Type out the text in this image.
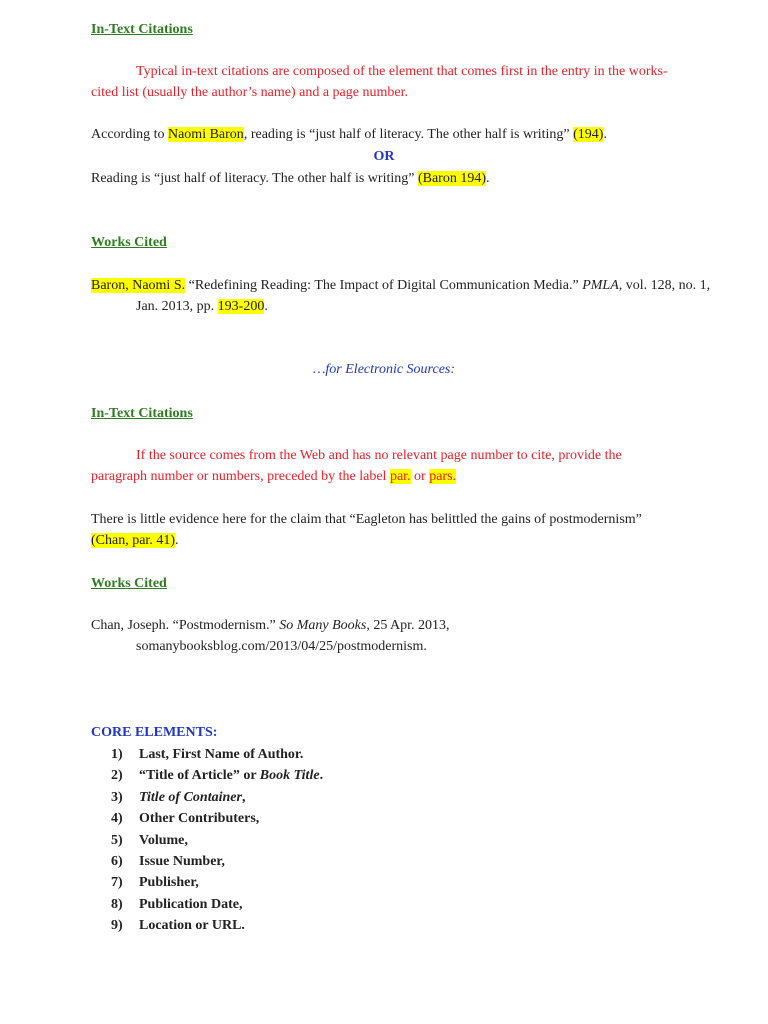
In-Text Citations

Typical in-text citations are composed of the element that comes first in the entry in the works-cited list (usually the author’s name) and a page number.

According to Naomi Baron, reading is “just half of literacy. The other half is writing” (194).

OR

Reading is “just half of literacy. The other half is writing” (Baron 194).

Works Cited

Baron, Naomi S. “Redefining Reading: The Impact of Digital Communication Media.” PMLA, vol. 128, no. 1, Jan. 2013, pp. 193-200.

…for Electronic Sources:

In-Text Citations

If the source comes from the Web and has no relevant page number to cite, provide the paragraph number or numbers, preceded by the label par. or pars.

There is little evidence here for the claim that “Eagleton has belittled the gains of postmodernism” (Chan, par. 41).

Works Cited

Chan, Joseph. “Postmodernism.” So Many Books, 25 Apr. 2013, somanybooksblog.com/2013/04/25/postmodernism.

CORE ELEMENTS:

1) Last, First Name of Author.
2) “Title of Article” or Book Title.
3) Title of Container,
4) Other Contributers,
5) Volume,
6) Issue Number,
7) Publisher,
8) Publication Date,
9) Location or URL.
